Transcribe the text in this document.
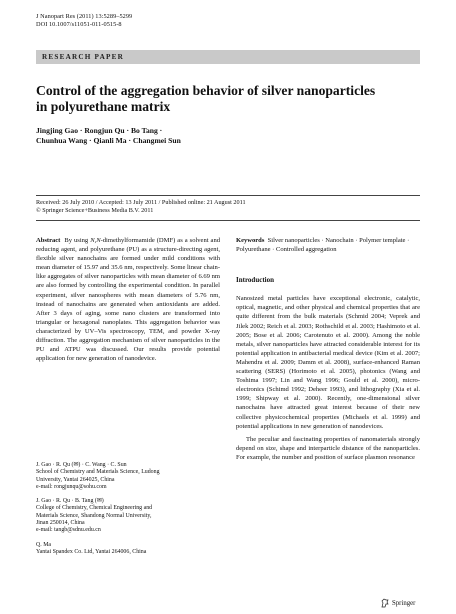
J Nanopart Res (2011) 13:5289–5299
DOI 10.1007/s11051-011-0515-8
RESEARCH PAPER
Control of the aggregation behavior of silver nanoparticles
in polyurethane matrix
Jingjing Gao · Rongjun Qu · Bo Tang ·
Chunhua Wang · Qianli Ma · Changmei Sun
Received: 26 July 2010 / Accepted: 13 July 2011 / Published online: 21 August 2011
© Springer Science+Business Media B.V. 2011
Abstract By using N,N-dimethylformamide (DMF) as a solvent and reducing agent, and polyurethane (PU) as a structure-directing agent, flexible silver nanochains are formed under mild conditions with mean diameter of 15.97 and 35.6 nm, respectively. Some linear chain-like aggregates of silver nanoparticles with mean diameter of 6.69 nm are also formed by controlling the experimental condition. In parallel experiment, silver nanospheres with mean diameters of 5.76 nm, instead of nanochains are generated when antioxidants are added. After 3 days of aging, some nano clusters are transformed into triangular or hexagonal nanoplates. This aggregation behavior was characterized by UV–Vis spectroscopy, TEM, and powder X-ray diffraction. The aggregation mechanism of silver nanoparticles in the PU and ATPU was discussed. Our results provide potential application for new generation of nanodevice.
J. Gao · R. Qu (✉) · C. Wang · C. Sun
School of Chemistry and Materials Science, Ludong
University, Yantai 264025, China
e-mail: rongjunqu@sohu.com
J. Gao · R. Qu · B. Tang (✉)
College of Chemistry, Chemical Engineering and
Materials Science, Shandong Normal University,
Jinan 250014, China
e-mail: tangb@sdnu.edu.cn
Q. Ma
Yantai Spandex Co. Ltd, Yantai 264006, China

Keywords Silver nanoparticles · Nanochain · Polymer template · Polyurethane · Controlled aggregation

Introduction

Nanosized metal particles have exceptional electronic, catalytic, optical, magnetic, and other physical and chemical properties that are quite different from the bulk materials (Schmid 2004; Veprek and Jilek 2002; Reich et al. 2003; Rothschild et al. 2003; Hashimoto et al. 2005; Bose et al. 2006; Carotenuto et al. 2000). Among the noble metals, silver nanoparticles have attracted considerable interest for its potential application in antibacterial medical device (Kim et al. 2007; Mahendra et al. 2009; Damm et al. 2008), surface-enhanced Raman scattering (SERS) (Horimoto et al. 2005), photonics (Wang and Toshima 1997; Lin and Wang 1996; Gould et al. 2000), micro-electronics (Schimd 1992; Deheer 1993), and lithography (Xia et al. 1999; Shipway et al. 2000). Recently, one-dimensional silver nanochains have attracted great interest because of their new collective physicochemical properties (Michaels et al. 1999) and potential applications in new generation of nanodevices.

The peculiar and fascinating properties of nanomaterials strongly depend on size, shape and interparticle distance of the nanoparticles. For example, the number and position of surface plasmon resonance

Springer
